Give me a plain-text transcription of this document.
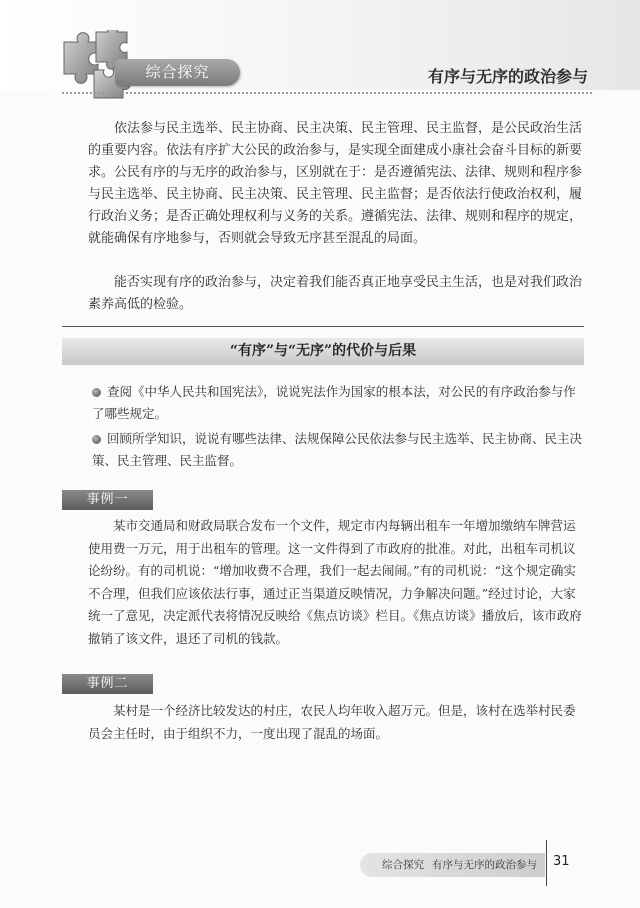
综合探究	有序与无序的政治参与

依法参与民主选举、民主协商、民主决策、民主管理、民主监督，是公民政治生活的重要内容。依法有序扩大公民的政治参与，是实现全面建成小康社会奋斗目标的新要求。 公民有序的与无序的政治参与，区别就在于：是否遵循宪法、法律、规则和程序参与民主选举、民主协商、民主决策、民主管理、民主监督；是否依法行使政治权利，履行政治义务；是否正确处理权利与义务的关系。遵循宪法、法律、规则和程序的规定，就能确保有序地参与，否则就会导致无序甚至混乱的局面。

能否实现有序的政治参与，决定着我们能否真正地享受民主生活，也是对我们政治素养高低的检验。

“有序”与“无序”的代价与后果

查阅《中华人民共和国宪法》，说说宪法作为国家的根本法，对公民的有序政治参与作了哪些规定。

回顾所学知识，说说有哪些法律、法规保障公民依法参与民主选举、民主协商、民主决策、民主管理、民主监督。

事例一

某市交通局和财政局联合发布一个文件，规定市内每辆出租车一年增加缴纳车牌营运使用费一万元，用于出租车的管理。这一文件得到了市政府的批准。对此，出租车司机议论纷纷。有的司机说：“增加收费不合理，我们一起去闹闹。”有的司机说：“这个规定确实不合理，但我们应该依法行事，通过正当渠道反映情况，力争解决问题。”经过讨论，大家统一了意见，决定派代表将情况反映给《焦点访谈》栏目。《焦点访谈》播放后，该市政府撤销了该文件，退还了司机的钱款。

事例二

某村是一个经济比较发达的村庄，农民人均年收入超万元。但是，该村在选举村民委员会主任时，由于组织不力，一度出现了混乱的场面。

综合探究 有序与无序的政治参与	31
